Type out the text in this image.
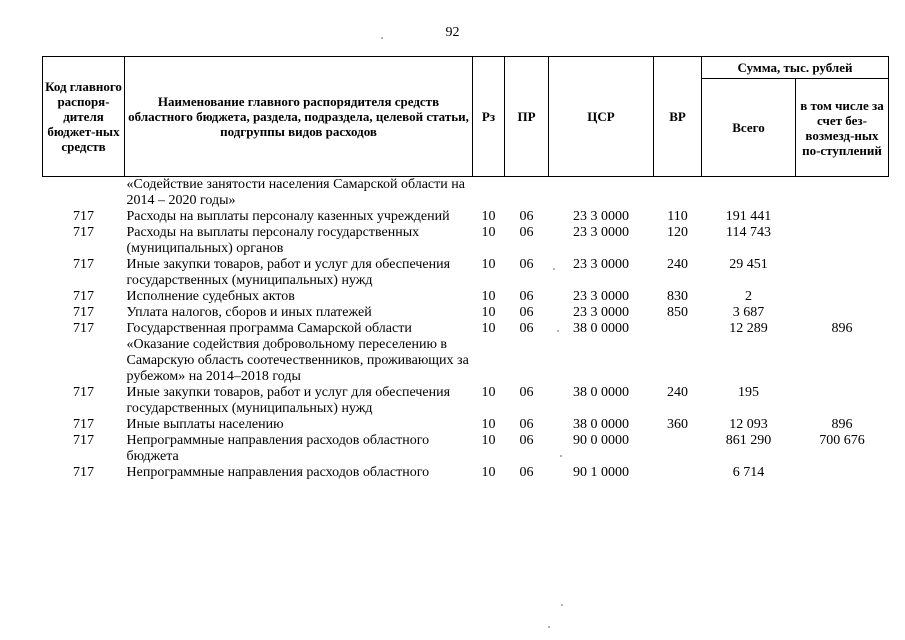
92
Код главного распоря-дителя бюджет-ных средств	Наименование главного распорядителя средств областного бюджета, раздела, подраздела, целевой статьи, подгруппы видов расходов	Рз	ПР	ЦСР	ВР	Сумма, тыс. рублей	
						Всего	в том числе за счет без-возмезд-ных по-ступлений
	«Содействие занятости населения Самарской области на 2014 – 2020 годы»						
717	Расходы на выплаты персоналу казенных учреждений	10	06	23 3 0000	110	191 441	
717	Расходы на выплаты персоналу государственных (муниципальных) органов	10	06	23 3 0000	120	114 743	
717	Иные закупки товаров, работ и услуг для обеспечения государственных (муниципальных) нужд	10	06	23 3 0000	240	29 451	
717	Исполнение судебных актов	10	06	23 3 0000	830	2	
717	Уплата налогов, сборов и иных платежей	10	06	23 3 0000	850	3 687	
717	Государственная программа Самарской области «Оказание содействия добровольному переселению в Самарскую область соотечественников, проживающих за рубежом» на 2014–2018 годы	10	06	38 0 0000		12 289	896
717	Иные закупки товаров, работ и услуг для обеспечения государственных (муниципальных) нужд	10	06	38 0 0000	240	195	
717	Иные выплаты населению	10	06	38 0 0000	360	12 093	896
717	Непрограммные направления расходов областного бюджета	10	06	90 0 0000		861 290	700 676
717	Непрограммные направления расходов областного	10	06	90 1 0000		6 714	
